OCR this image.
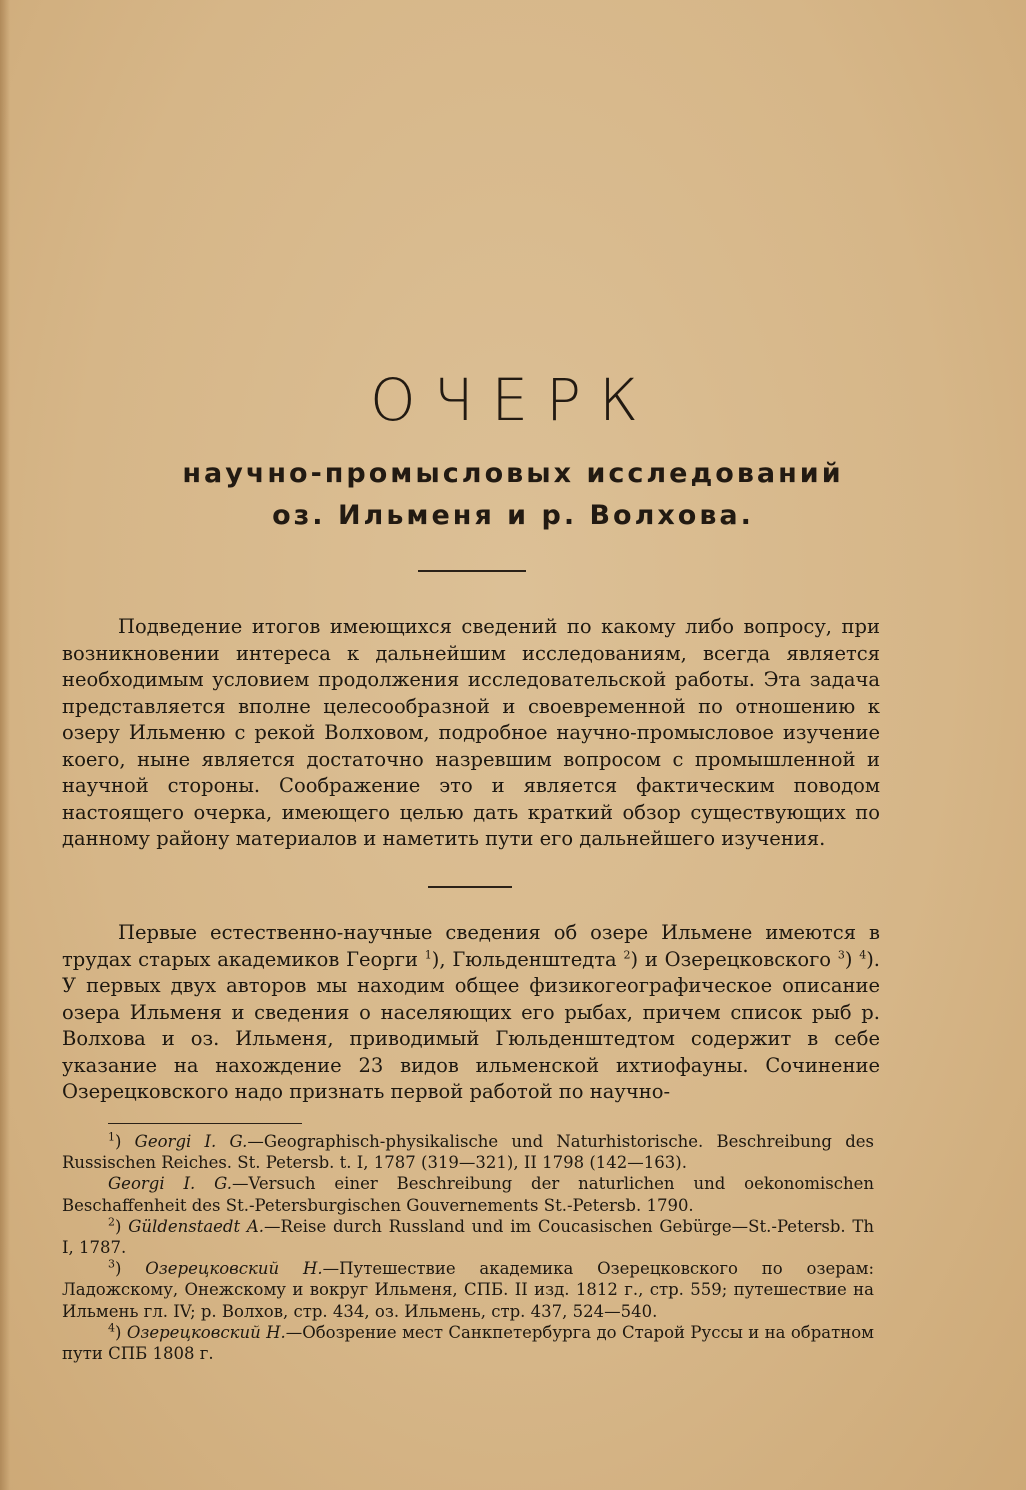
ОЧЕРК
научно-промысловых исследований
оз. Ильменя и р. Волхова.

Подведение итогов имеющихся сведений по какому либо вопросу, при возникновении интереса к дальнейшим исследованиям, всегда является необходимым условием продолжения исследовательской работы. Эта задача представляется вполне целесообразной и своевременной по отношению к озеру Ильменю с рекой Волховом, подробное научно-промысловое изучение коего, ныне является достаточно назревшим вопросом с промышленной и научной стороны. Соображение это и является фактическим поводом настоящего очерка, имеющего целью дать краткий обзор существующих по данному району материалов и наметить пути его дальнейшего изучения.

Первые естественно-научные сведения об озере Ильмене имеются в трудах старых академиков Георги $^1$), Гюльденштедта $^2$) и Озерецковского $^3$) $^4$). У первых двух авторов мы находим общее физикогеографическое описание озера Ильменя и сведения о населяющих его рыбах, причем список рыб р. Волхова и оз. Ильменя, приводимый Гюльденштедтом содержит в себе указание на нахождение 23 видов ильменской ихтиофауны. Сочинение Озерецковского надо признать первой работой по научно-

$^1$) Georgi I. G.—Geographisch-physikalische und Naturhistorische. Beschreibung des Russischen Reiches. St. Petersb. t. I, 1787 (319—321), II 1798 (142—163).

Georgi I. G.—Versuch einer Beschreibung der naturlichen und oekonomischen Beschaffenheit des St.-Petersburgischen Gouvernements St.-Petersb. 1790.

$^2$) Güldenstaedt A.—Reise durch Russland und im Coucasischen Gebürge—St.-Petersb. Th I, 1787.

$^3$) Озерецковский Н.—Путешествие академика Озерецковского по озерам: Ладожскому, Онежскому и вокруг Ильменя, СПБ. II изд. 1812 г., стр. 559; путешествие на Ильмень гл. IV; р. Волхов, стр. 434, оз. Ильмень, стр. 437, 524—540.

$^4$) Озерецковский Н.—Обозрение мест Санкпетербурга до Старой Руссы и на обратном пути СПБ 1808 г.
